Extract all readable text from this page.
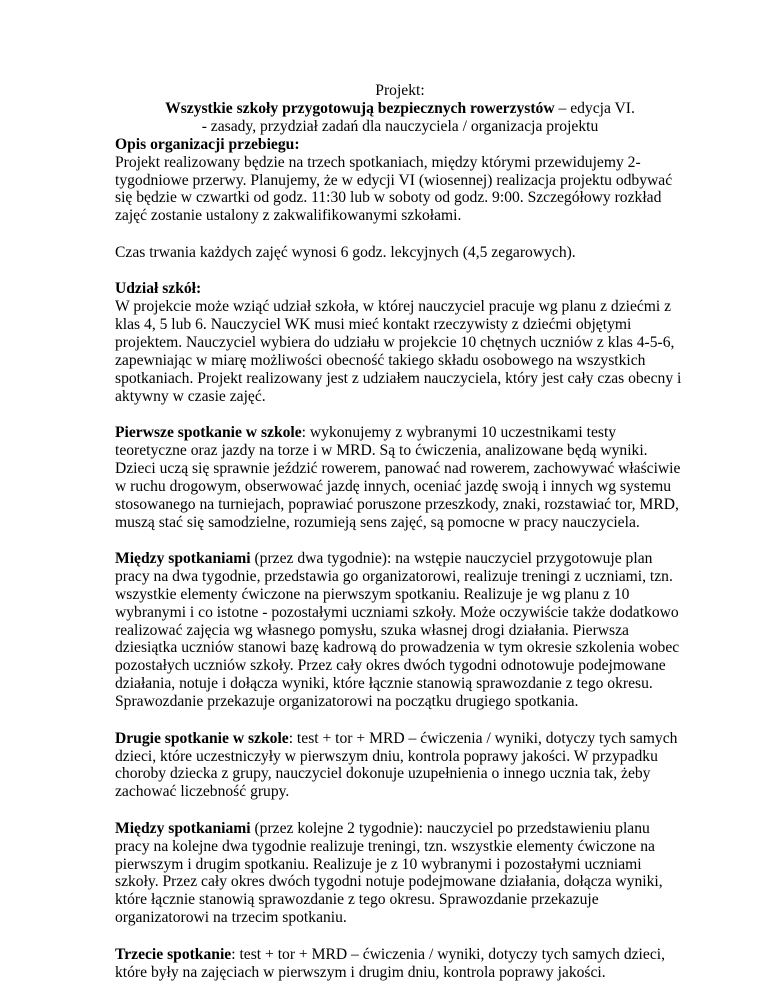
Projekt:

Wszystkie szkoły przygotowują bezpiecznych rowerzystów – edycja VI.

- zasady, przydział zadań dla nauczyciela / organizacja projektu

Opis organizacji przebiegu:

Projekt realizowany będzie na trzech spotkaniach, między którymi przewidujemy 2-tygodniowe przerwy. Planujemy, że w edycji VI (wiosennej) realizacja projektu odbywać się będzie w czwartki od godz. 11:30 lub w soboty od godz. 9:00. Szczegółowy rozkład zajęć zostanie ustalony z zakwalifikowanymi szkołami.

Czas trwania każdych zajęć wynosi 6 godz. lekcyjnych (4,5 zegarowych).

Udział szkół:

W projekcie może wziąć udział szkoła, w której nauczyciel pracuje wg planu z dziećmi z klas 4, 5 lub 6. Nauczyciel WK musi mieć kontakt rzeczywisty z dziećmi objętymi projektem. Nauczyciel wybiera do udziału w projekcie 10 chętnych uczniów z klas 4-5-6, zapewniając w miarę możliwości obecność takiego składu osobowego na wszystkich spotkaniach. Projekt realizowany jest z udziałem nauczyciela, który jest cały czas obecny i aktywny w czasie zajęć.

Pierwsze spotkanie w szkole: wykonujemy z wybranymi 10 uczestnikami testy teoretyczne oraz jazdy na torze i w MRD. Są to ćwiczenia, analizowane będą wyniki. Dzieci uczą się sprawnie jeździć rowerem, panować nad rowerem, zachowywać właściwie w ruchu drogowym, obserwować jazdę innych, oceniać jazdę swoją i innych wg systemu stosowanego na turniejach, poprawiać poruszone przeszkody, znaki, rozstawiać tor, MRD, muszą stać się samodzielne, rozumieją sens zajęć, są pomocne w pracy nauczyciela.

Między spotkaniami (przez dwa tygodnie): na wstępie nauczyciel przygotowuje plan pracy na dwa tygodnie, przedstawia go organizatorowi, realizuje treningi z uczniami, tzn. wszystkie elementy ćwiczone na pierwszym spotkaniu. Realizuje je wg planu z 10 wybranymi i co istotne - pozostałymi uczniami szkoły. Może oczywiście także dodatkowo realizować zajęcia wg własnego pomysłu, szuka własnej drogi działania. Pierwsza dziesiątka uczniów stanowi bazę kadrową do prowadzenia w tym okresie szkolenia wobec pozostałych uczniów szkoły. Przez cały okres dwóch tygodni odnotowuje podejmowane działania, notuje i dołącza wyniki, które łącznie stanowią sprawozdanie z tego okresu. Sprawozdanie przekazuje organizatorowi na początku drugiego spotkania.

Drugie spotkanie w szkole: test + tor + MRD – ćwiczenia / wyniki, dotyczy tych samych dzieci, które uczestniczyły w pierwszym dniu, kontrola poprawy jakości. W przypadku choroby dziecka z grupy, nauczyciel dokonuje uzupełnienia o innego ucznia tak, żeby zachować liczebność grupy.

Między spotkaniami (przez kolejne 2 tygodnie): nauczyciel po przedstawieniu planu pracy na kolejne dwa tygodnie realizuje treningi, tzn. wszystkie elementy ćwiczone na pierwszym i drugim spotkaniu. Realizuje je z 10 wybranymi i pozostałymi uczniami szkoły. Przez cały okres dwóch tygodni notuje podejmowane działania, dołącza wyniki, które łącznie stanowią sprawozdanie z tego okresu. Sprawozdanie przekazuje organizatorowi na trzecim spotkaniu.

Trzecie spotkanie: test + tor + MRD – ćwiczenia / wyniki, dotyczy tych samych dzieci, które były na zajęciach w pierwszym i drugim dniu, kontrola poprawy jakości.
